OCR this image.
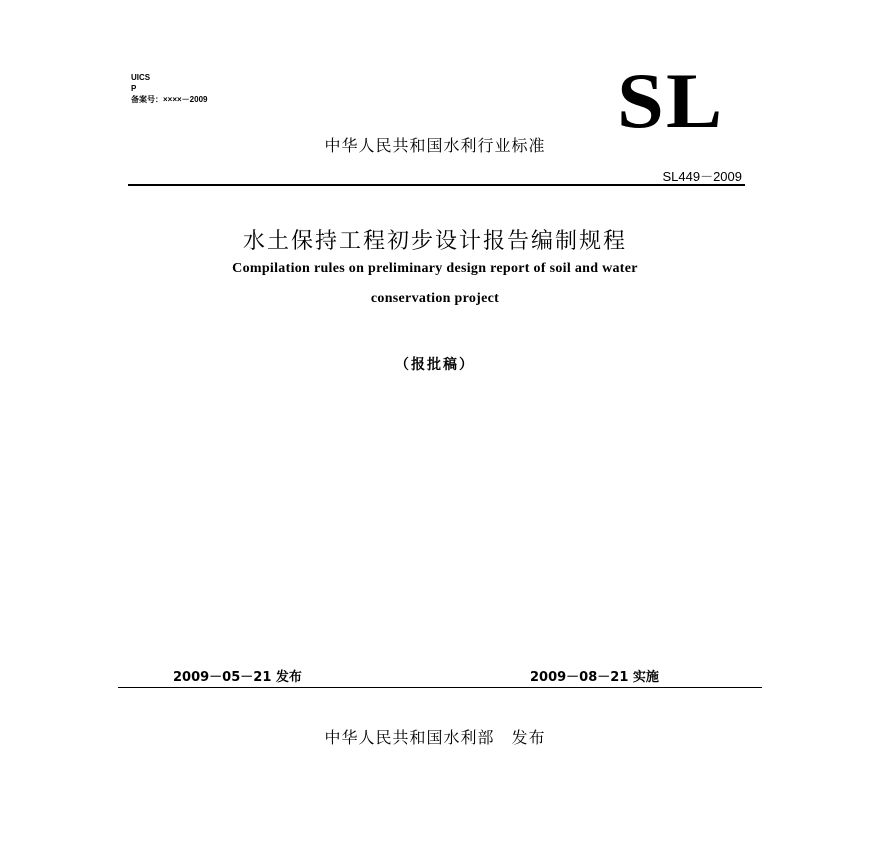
UICS
P
备案号：××××－2009	SL
中华人民共和国水利行业标准
SL449－2009
水土保持工程初步设计报告编制规程
Compilation rules on preliminary design report of soil and water
conservation project
（报批稿）
2009－05－21 发布	2009－08－21 实施
中华人民共和国水利部　发布
